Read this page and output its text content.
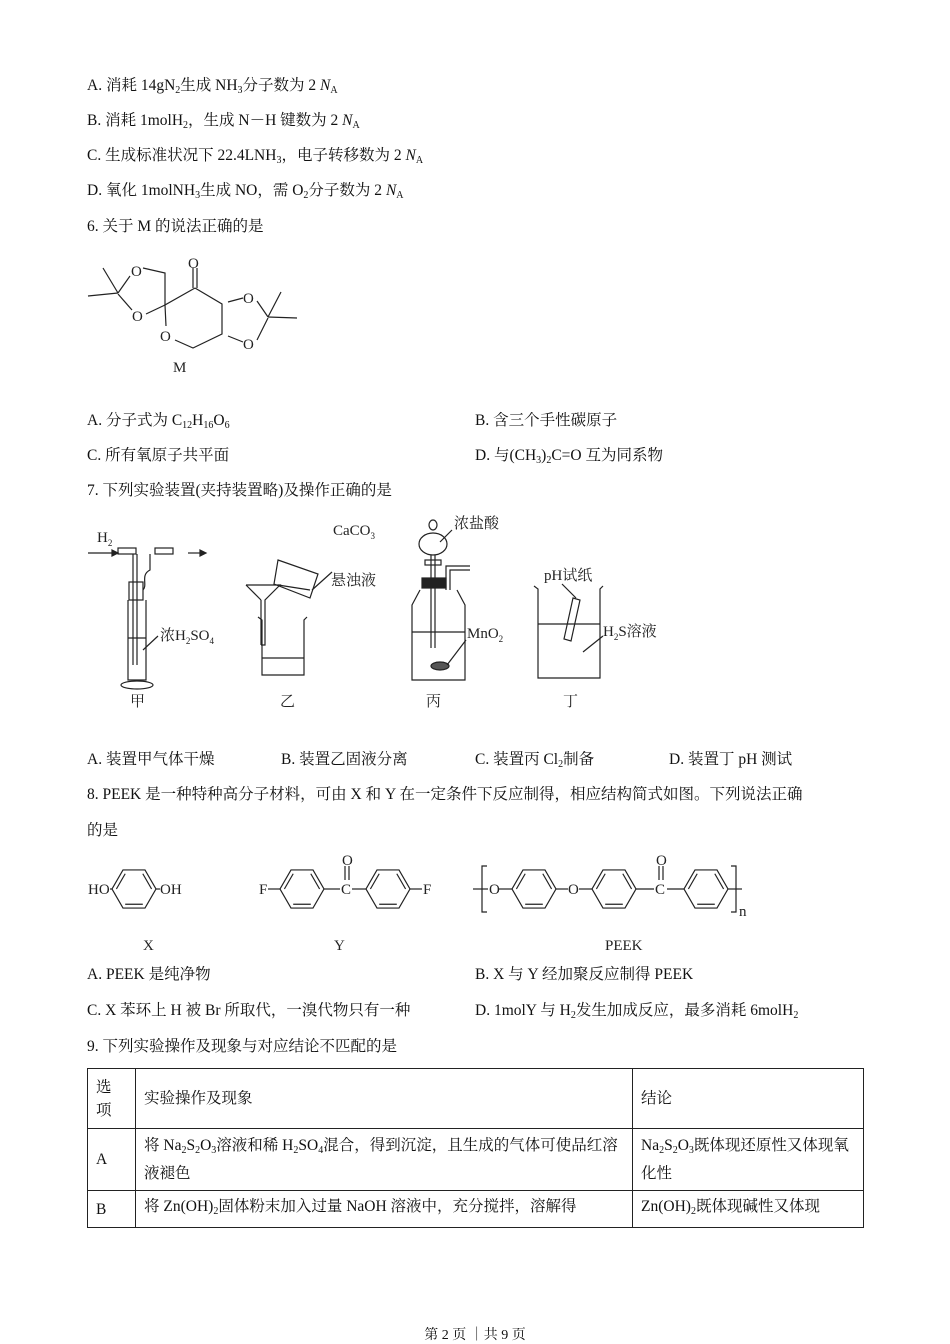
A. 消耗 $14gN_2$生成 $NH_3$分子数为 2 $N_A$
B. 消耗 1molH$_2$，生成 N－H 键数为 2 $N_A$
C. 生成标准状况下 $22.4LNH_3$，电子转移数为 2 $N_A$
D. 氧化 1molNH$_3$生成 NO，需 $O_2$分子数为 2 $N_A$
6. 关于 M 的说法正确的是
A. 分子式为 $C_{12}H_{16}O_6$	B. 含三个手性碳原子
C. 所有氧原子共平面	D. 与$(CH_3)_2C=O$ 互为同系物
7. 下列实验装置(夹持装置略)及操作正确的是
A. 装置甲气体干燥	B. 装置乙固液分离	C. 装置丙 $Cl_2$制备	D. 装置丁 pH 测试
8. PEEK 是一种特种高分子材料，可由 X 和 Y 在一定条件下反应制得，相应结构简式如图。下列说法正确
的是
A. PEEK 是纯净物	B. X 与 Y 经加聚反应制得 PEEK
C. X 苯环上 H 被 Br 所取代，一溴代物只有一种	D. 1molY 与 $H_2$发生加成反应，最多消耗 6molH$_2$
9. 下列实验操作及现象与对应结论不匹配的是
O
O
O
O
O
O
M
$H_2$
浓$H_2SO_4$
甲
CaCO$_3$
悬浊液
乙
浓盐酸
MnO$_2$
丙
pH试纸
$H_2S$溶液
丁
HO	OH
X
F	C
O
F
Y
O	O	C
O
n
PEEK
选
项	实验操作及现象	结论
A	将 $Na_2S_2O_3$溶液和稀 $H_2SO_4$混合，得到沉淀，且生成的气体可使品红溶液褪色	$Na_2S_2O_3$既体现还原性又体现氧化性
B	将 $Zn(OH)_2$固体粉末加入过量 NaOH 溶液中，充分搅拌，溶解得	$Zn(OH)_2$既体现碱性又体现
第 2 页 ｜共 9 页
